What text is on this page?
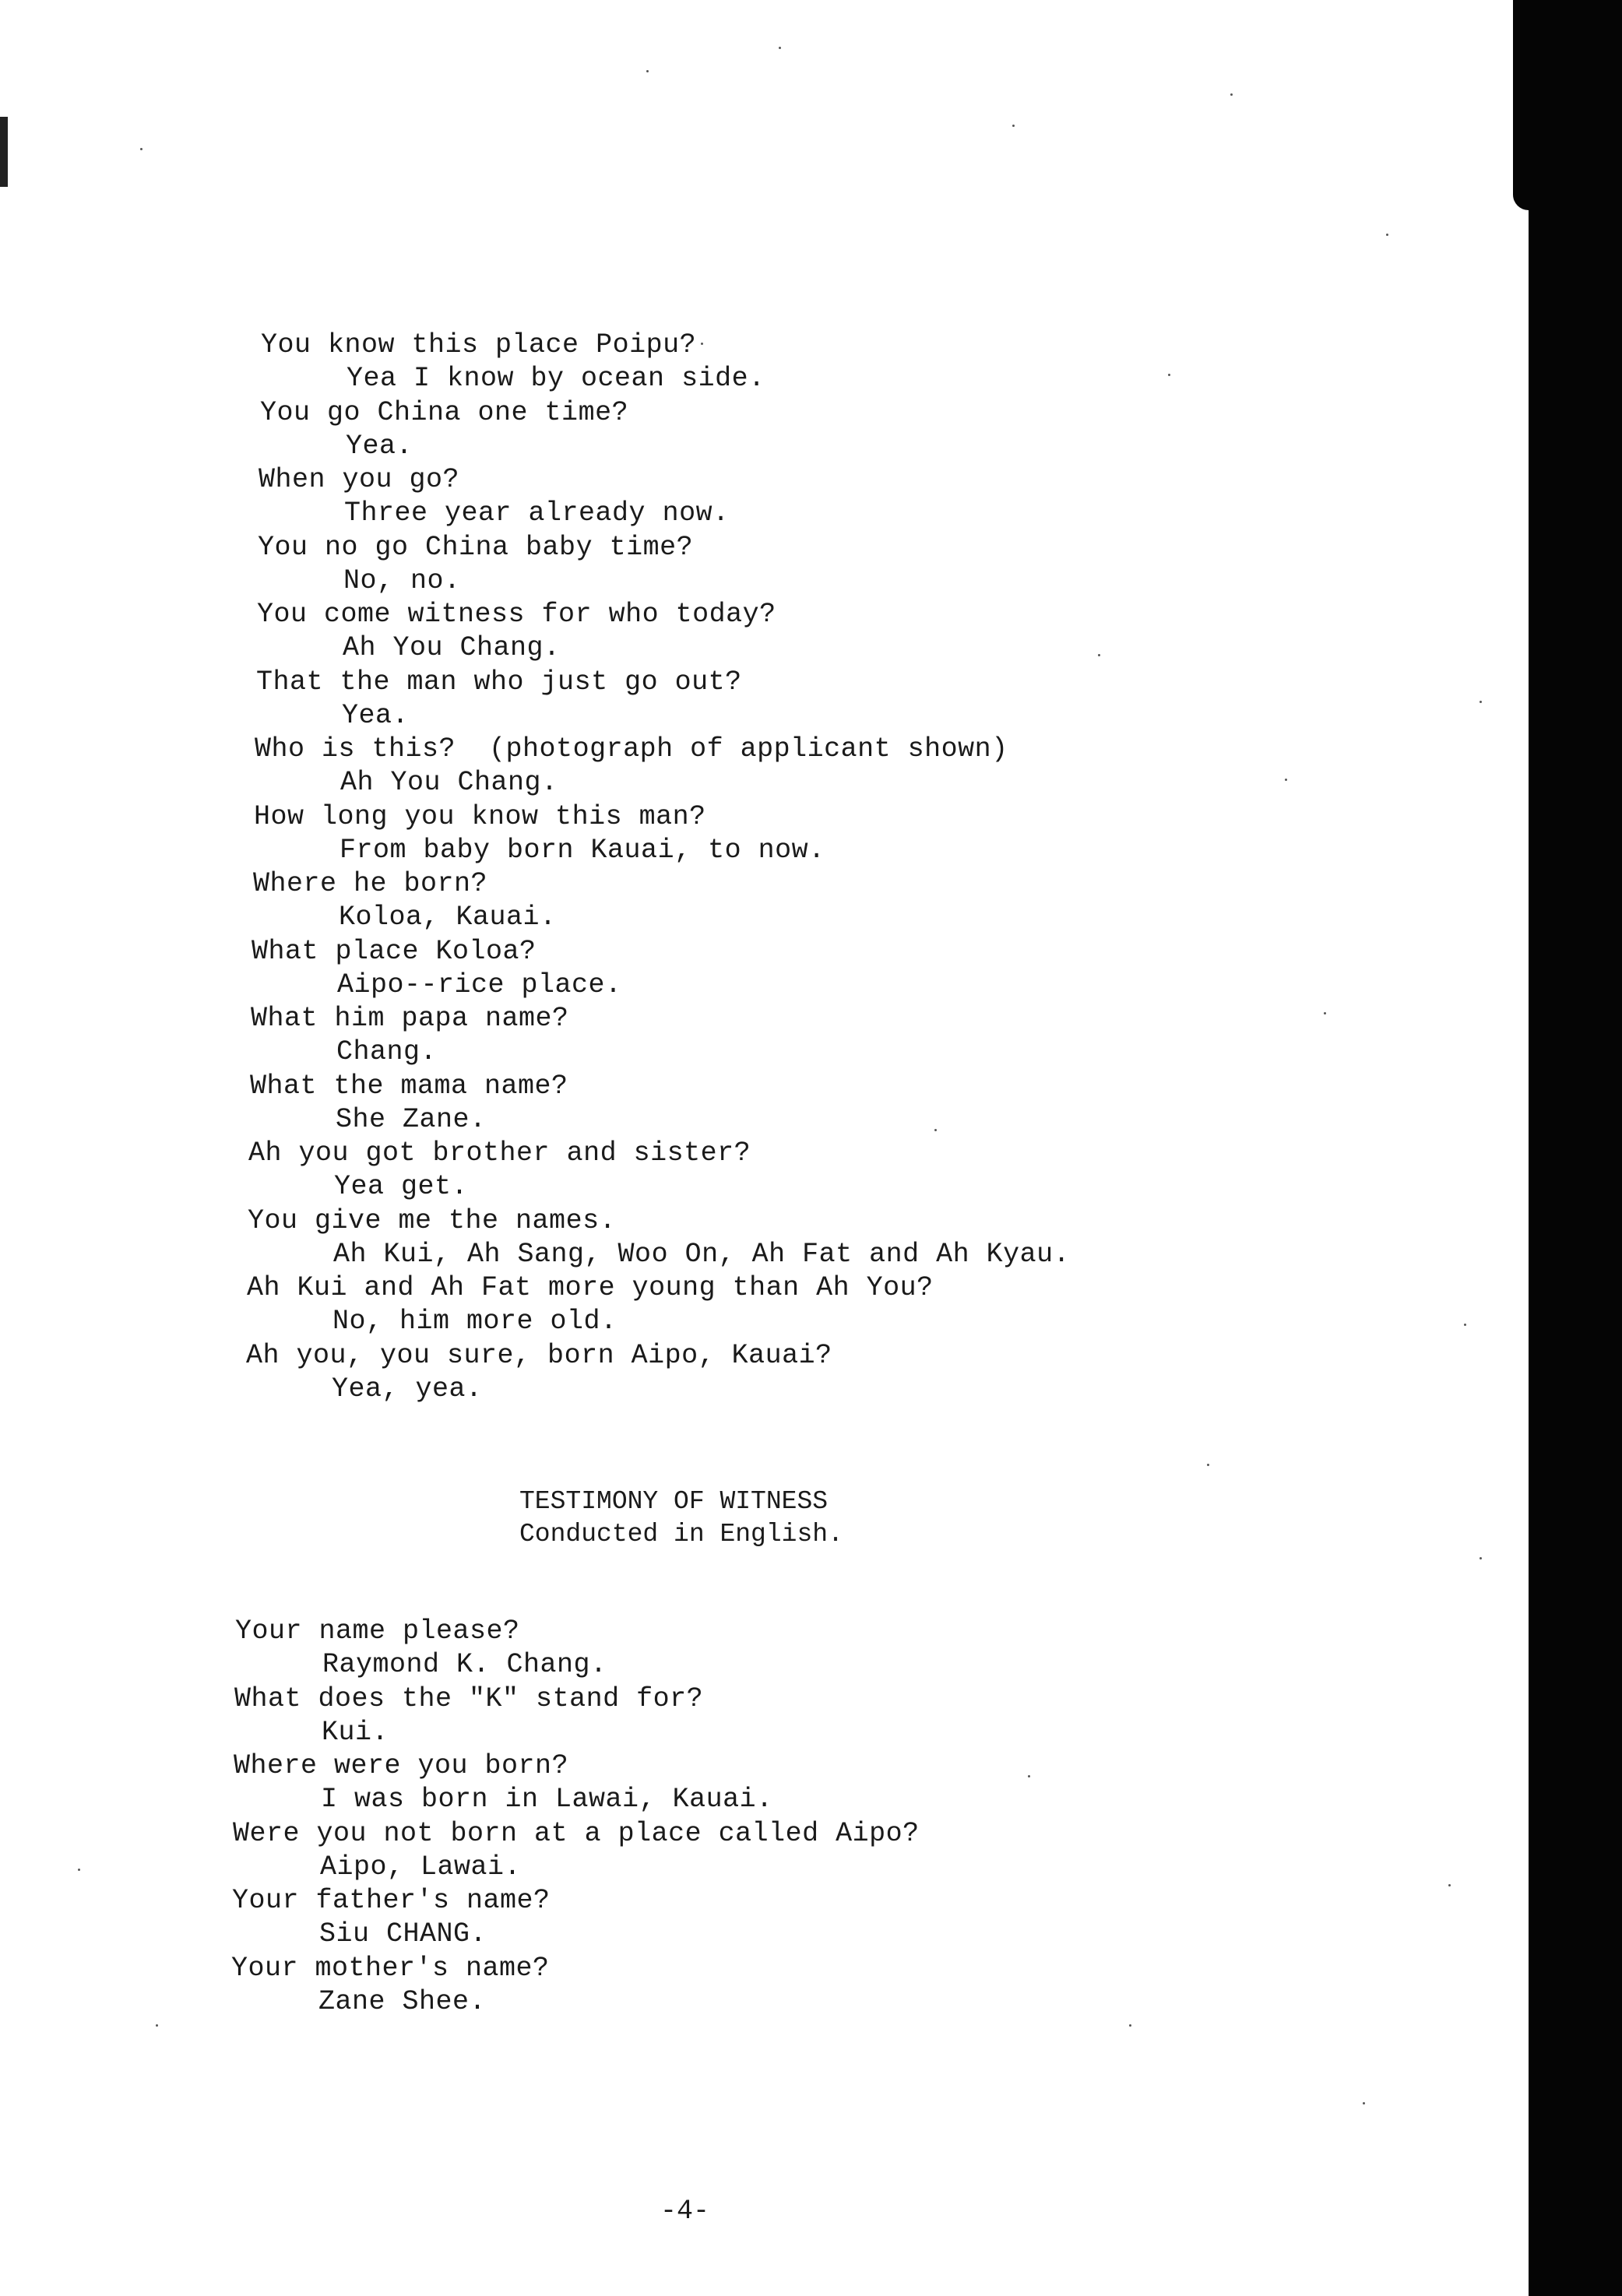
TESTIMONY OF WITNESS
Conducted in English.
-4-
You know this place Poipu?
Yea I know by ocean side.
You go China one time?
Yea.
When you go?
Three year already now.
You no go China baby time?
No, no.
You come witness for who today?
Ah You Chang.
That the man who just go out?
Yea.
Who is this?  (photograph of applicant shown)
Ah You Chang.
How long you know this man?
From baby born Kauai, to now.
Where he born?
Koloa, Kauai.
What place Koloa?
Aipo--rice place.
What him papa name?
Chang.
What the mama name?
She Zane.
Ah you got brother and sister?
Yea get.
You give me the names.
Ah Kui, Ah Sang, Woo On, Ah Fat and Ah Kyau.
Ah Kui and Ah Fat more young than Ah You?
No, him more old.
Ah you, you sure, born Aipo, Kauai?
Yea, yea.
Your name please?
Raymond K. Chang.
What does the "K" stand for?
Kui.
Where were you born?
I was born in Lawai, Kauai.
Were you not born at a place called Aipo?
Aipo, Lawai.
Your father's name?
Siu CHANG.
Your mother's name?
Zane Shee.
